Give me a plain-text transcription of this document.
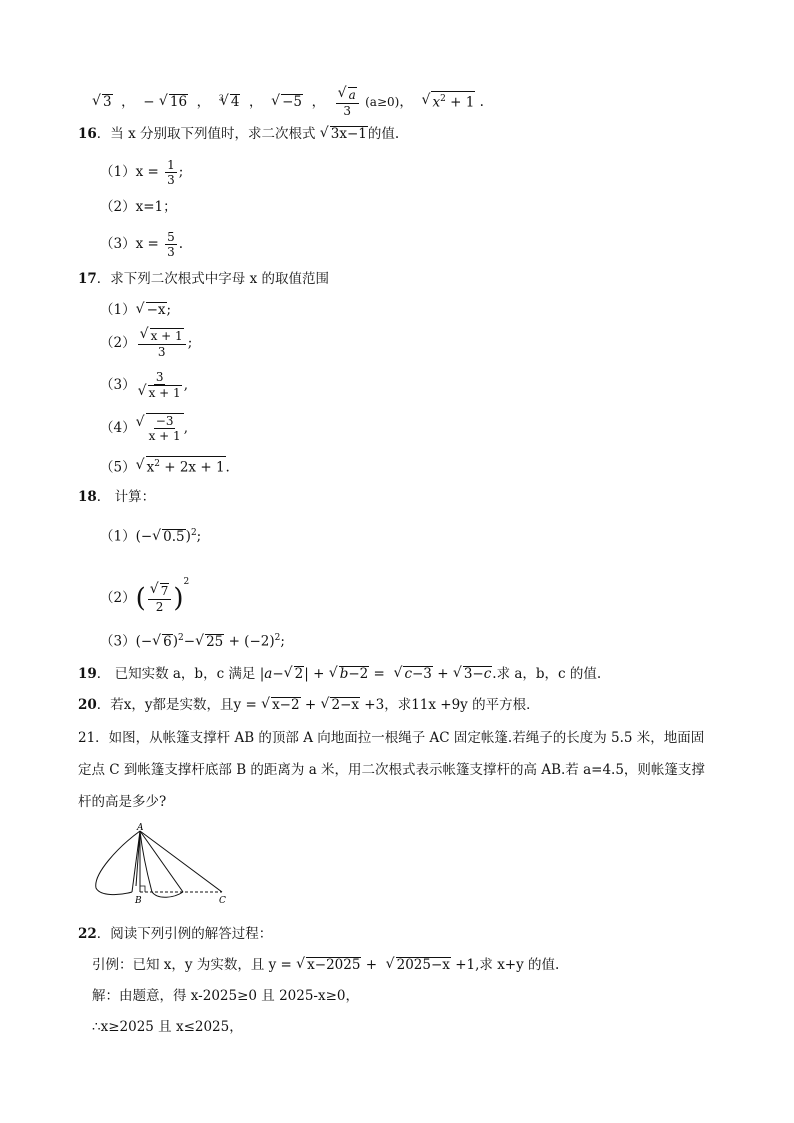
√ 3  ，  − √ 16  ，  $^3$ √ 4  ，  √ −5  ， √ $\frac{a}{3} (a\ge 0)$，  √ $x^2 + 1$ .
16．当 x 分别取下列值时，求二次根式 √ 3x−1的值.
$(1)x = \frac{1}{3}$ ;
（2）x=1；
$(3)x = \frac{5}{3}$ .
17．求下列二次根式中字母 x 的取值范围
（1） √ −x;
（2） √ $\frac{x + 1}{3}$ ;
（3） 3
√ x + 1 ,
（4） √ $\frac{-3}{x + 1}$ ,
（5） √ $x^2 + 2x + 1$.
18． 计算：
（1）(− √ 0.5)$^2$;
（2）( √ $\frac{7}{2} )^2$
（3）(− √ 6)$^2$− √ $25 + (-2)^2$;
19． 已知实数 a，b，c 满足 |a− √ 2| + √ b−2 =  √ c−3 + √ 3−c.求 a，b，c 的值.
20．若x，y都是实数，且y = √ x−2 + √ 2−x +3，求11x +9y 的平方根．
21．如图，从帐篷支撑杆 AB 的顶部 A 向地面拉一根绳子 AC 固定帐篷.若绳子的长度为 5.5 米，地面固
定点 C 到帐篷支撑杆底部 B 的距离为 a 米，用二次根式表示帐篷支撑杆的高 AB.若 a=4.5，则帐篷支撑
杆的高是多少?
A
B	C
22．阅读下列引例的解答过程：
引例：已知 x，y 为实数，且 y = √ x−2025 +  √ 2025−x +1,求 x+y 的值.
解：由题意，得 x-2025≥0 且 2025-x≥0，
∴x≥2025 且 x≤2025，
